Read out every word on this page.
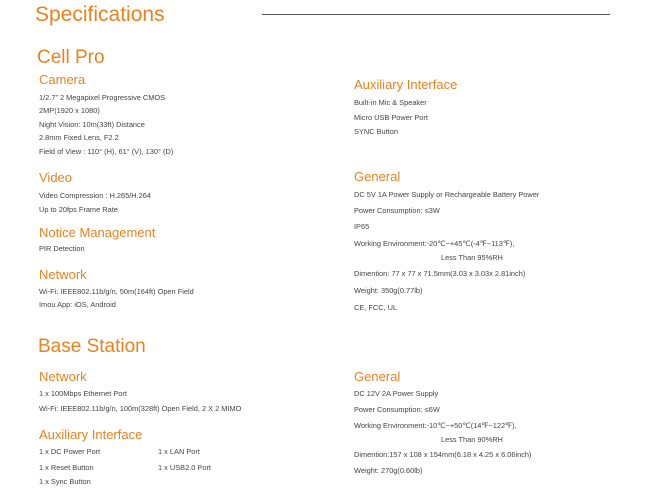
Specifications
Cell Pro
Camera
1/2.7” 2 Megapixel Progressive CMOS
2MP(1920 x 1080)
Night Vision: 10m(33ft) Distance
2.8mm Fixed Lens, F2.2
Field of View : 110° (H), 61° (V), 130° (D)
Video
Video Compression : H.265/H.264
Up to 20fps Frame Rate
Notice Management
PIR Detection
Network
Wi-Fi: IEEE802.11b/g/n, 50m(164ft) Open Field
Imou App: iOS, Android
Auxiliary Interface
Built-in Mic & Speaker
Micro USB Power Port
SYNC Button
General
DC 5V 1A Power Supply or Rechargeable Battery Power
Power Consumption: ≤3W
IP65
Working Environment:-20℃~+45℃(-4℉~113℉),
Less Than 95%RH
Dimention: 77 x 77 x 71.5mm(3.03 x 3.03x 2.81inch)
Weight: 350g(0.77lb)
CE, FCC, UL
Base Station
Network
1 x 100Mbps Ethernet Port
Wi-Fi: IEEE802.11b/g/n, 100m(328ft) Open Field, 2 X 2 MIMO
Auxiliary Interface
1 x DC Power Port
1 x Reset Button
1 x Sync Button
1 x LAN Port
1 x USB2.0 Port
General
DC 12V 2A Power Supply
Power Consumption: ≤6W
Working Environment:-10℃~+50℃(14℉~122℉),
Less Than 90%RH
Dimention:157 x 108 x 154mm(6.18 x 4.25 x 6.06inch)
Weight: 270g(0.60lb)
